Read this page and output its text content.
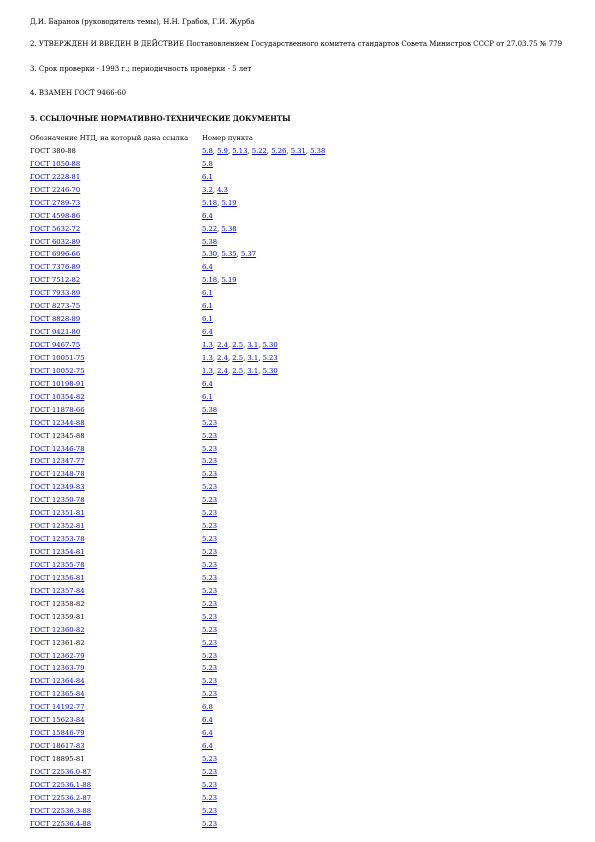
Д.И. Баранов (руководитель темы), Н.Н. Грабов, Г.И. Журба

2. УТВЕРЖДЕН И ВВЕДЕН В ДЕЙСТВИЕ Постановлением Государственного комитета стандартов Совета Министров СССР от 27.03.75 № 779

3. Срок проверки - 1993 г.; периодичность проверки - 5 лет

4. ВЗАМЕН ГОСТ 9466-60

5. ССЫЛОЧНЫЕ НОРМАТИВНО-ТЕХНИЧЕСКИЕ ДОКУМЕНТЫ

Обозначение НТД, на который дана ссылка	Номер пункта
ГОСТ 380-88	5.8, 5.9, 5.13, 5.22, 5.26, 5.31, 5.38
ГОСТ 1050-88	5.8
ГОСТ 2228-81	6.1
ГОСТ 2246-70	3.2, 4.3
ГОСТ 2789-73	5.18, 5.19
ГОСТ 4598-86	6.4
ГОСТ 5632-72	5.22, 5.38
ГОСТ 6032-89	5.38
ГОСТ 6996-66	5.30, 5.35, 5.37
ГОСТ 7376-89	6.4
ГОСТ 7512-82	5.18, 5.19
ГОСТ 7933-89	6.1
ГОСТ 8273-75	6.1
ГОСТ 8828-89	6.1
ГОСТ 9421-80	6.4
ГОСТ 9467-75	1.3, 2.4, 2.5, 3.1, 5.30
ГОСТ 10051-75	1.3, 2.4, 2.5, 3.1, 5.23
ГОСТ 10052-75	1.3, 2.4, 2.5, 3.1, 5.30
ГОСТ 10198-91	6.4
ГОСТ 10354-82	6.1
ГОСТ 11878-66	5.38
ГОСТ 12344-88	5.23
ГОСТ 12345-88	5.23
ГОСТ 12346-78	5.23
ГОСТ 12347-77	5.23
ГОСТ 12348-78	5.23
ГОСТ 12349-83	5.23
ГОСТ 12350-78	5.23
ГОСТ 12351-81	5.23
ГОСТ 12352-81	5.23
ГОСТ 12353-78	5.23
ГОСТ 12354-81	5.23
ГОСТ 12355-78	5.23
ГОСТ 12356-81	5.23
ГОСТ 12357-84	5.23
ГОСТ 12358-82	5.23
ГОСТ 12359-81	5.23
ГОСТ 12360-82	5.23
ГОСТ 12361-82	5.23
ГОСТ 12362-79	5.23
ГОСТ 12363-79	5.23
ГОСТ 12364-84	5.23
ГОСТ 12365-84	5.23
ГОСТ 14192-77	6.8
ГОСТ 15623-84	6.4
ГОСТ 15846-79	6.4
ГОСТ 18617-83	6.4
ГОСТ 18895-81	5.23
ГОСТ 22536.0-87	5.23
ГОСТ 22536.1-88	5.23
ГОСТ 22536.2-87	5.23
ГОСТ 22536.3-88	5.23
ГОСТ 22536.4-88	5.23
